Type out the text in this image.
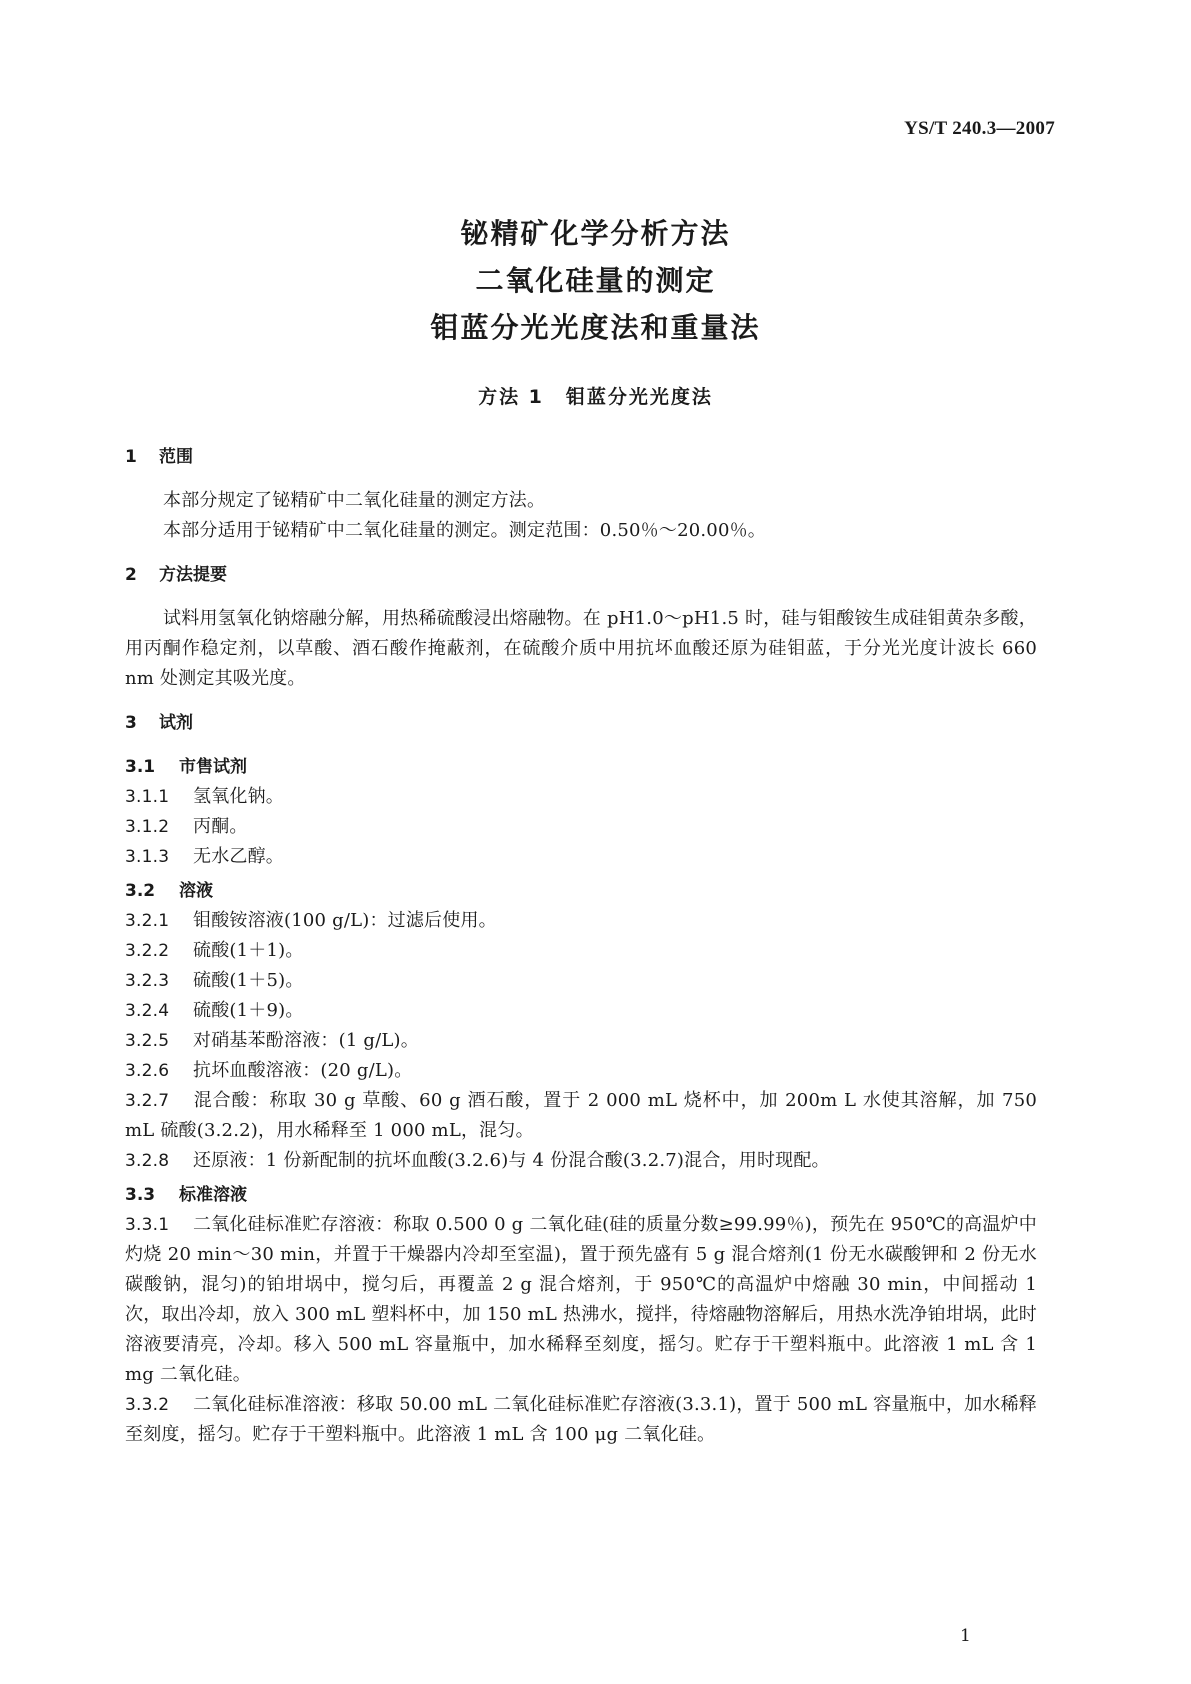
YS/T 240.3—2007
铋精矿化学分析方法
二氧化硅量的测定
钼蓝分光光度法和重量法
方法 1 钼蓝分光光度法
1 范围

本部分规定了铋精矿中二氧化硅量的测定方法。

本部分适用于铋精矿中二氧化硅量的测定。测定范围：0.50％～20.00％。

2 方法提要

试料用氢氧化钠熔融分解，用热稀硫酸浸出熔融物。在 pH1.0～pH1.5 时，硅与钼酸铵生成硅钼黄杂多酸，用丙酮作稳定剂，以草酸、酒石酸作掩蔽剂，在硫酸介质中用抗坏血酸还原为硅钼蓝，于分光光度计波长 660 nm 处测定其吸光度。

3 试剂
3.1 市售试剂

3.1.1 氢氧化钠。

3.1.2 丙酮。

3.1.3 无水乙醇。

3.2 溶液

3.2.1 钼酸铵溶液(100 g/L)：过滤后使用。

3.2.2 硫酸(1＋1)。

3.2.3 硫酸(1＋5)。

3.2.4 硫酸(1＋9)。

3.2.5 对硝基苯酚溶液：(1 g/L)。

3.2.6 抗坏血酸溶液：(20 g/L)。

3.2.7 混合酸：称取 30 g 草酸、60 g 酒石酸，置于 2 000 mL 烧杯中，加 200m L 水使其溶解，加 750 mL 硫酸(3.2.2)，用水稀释至 1 000 mL，混匀。

3.2.8 还原液：1 份新配制的抗坏血酸(3.2.6)与 4 份混合酸(3.2.7)混合，用时现配。

3.3 标准溶液

3.3.1 二氧化硅标准贮存溶液：称取 0.500 0 g 二氧化硅(硅的质量分数≥99.99％)，预先在 950℃的高温炉中灼烧 20 min～30 min，并置于干燥器内冷却至室温)，置于预先盛有 5 g 混合熔剂(1 份无水碳酸钾和 2 份无水碳酸钠，混匀)的铂坩埚中，搅匀后，再覆盖 2 g 混合熔剂，于 950℃的高温炉中熔融 30 min，中间摇动 1 次，取出冷却，放入 300 mL 塑料杯中，加 150 mL 热沸水，搅拌，待熔融物溶解后，用热水洗净铂坩埚，此时溶液要清亮，冷却。移入 500 mL 容量瓶中，加水稀释至刻度，摇匀。贮存于干塑料瓶中。此溶液 1 mL 含 1 mg 二氧化硅。

3.3.2 二氧化硅标准溶液：移取 50.00 mL 二氧化硅标准贮存溶液(3.3.1)，置于 500 mL 容量瓶中，加水稀释至刻度，摇匀。贮存于干塑料瓶中。此溶液 1 mL 含 100 μg 二氧化硅。

1
